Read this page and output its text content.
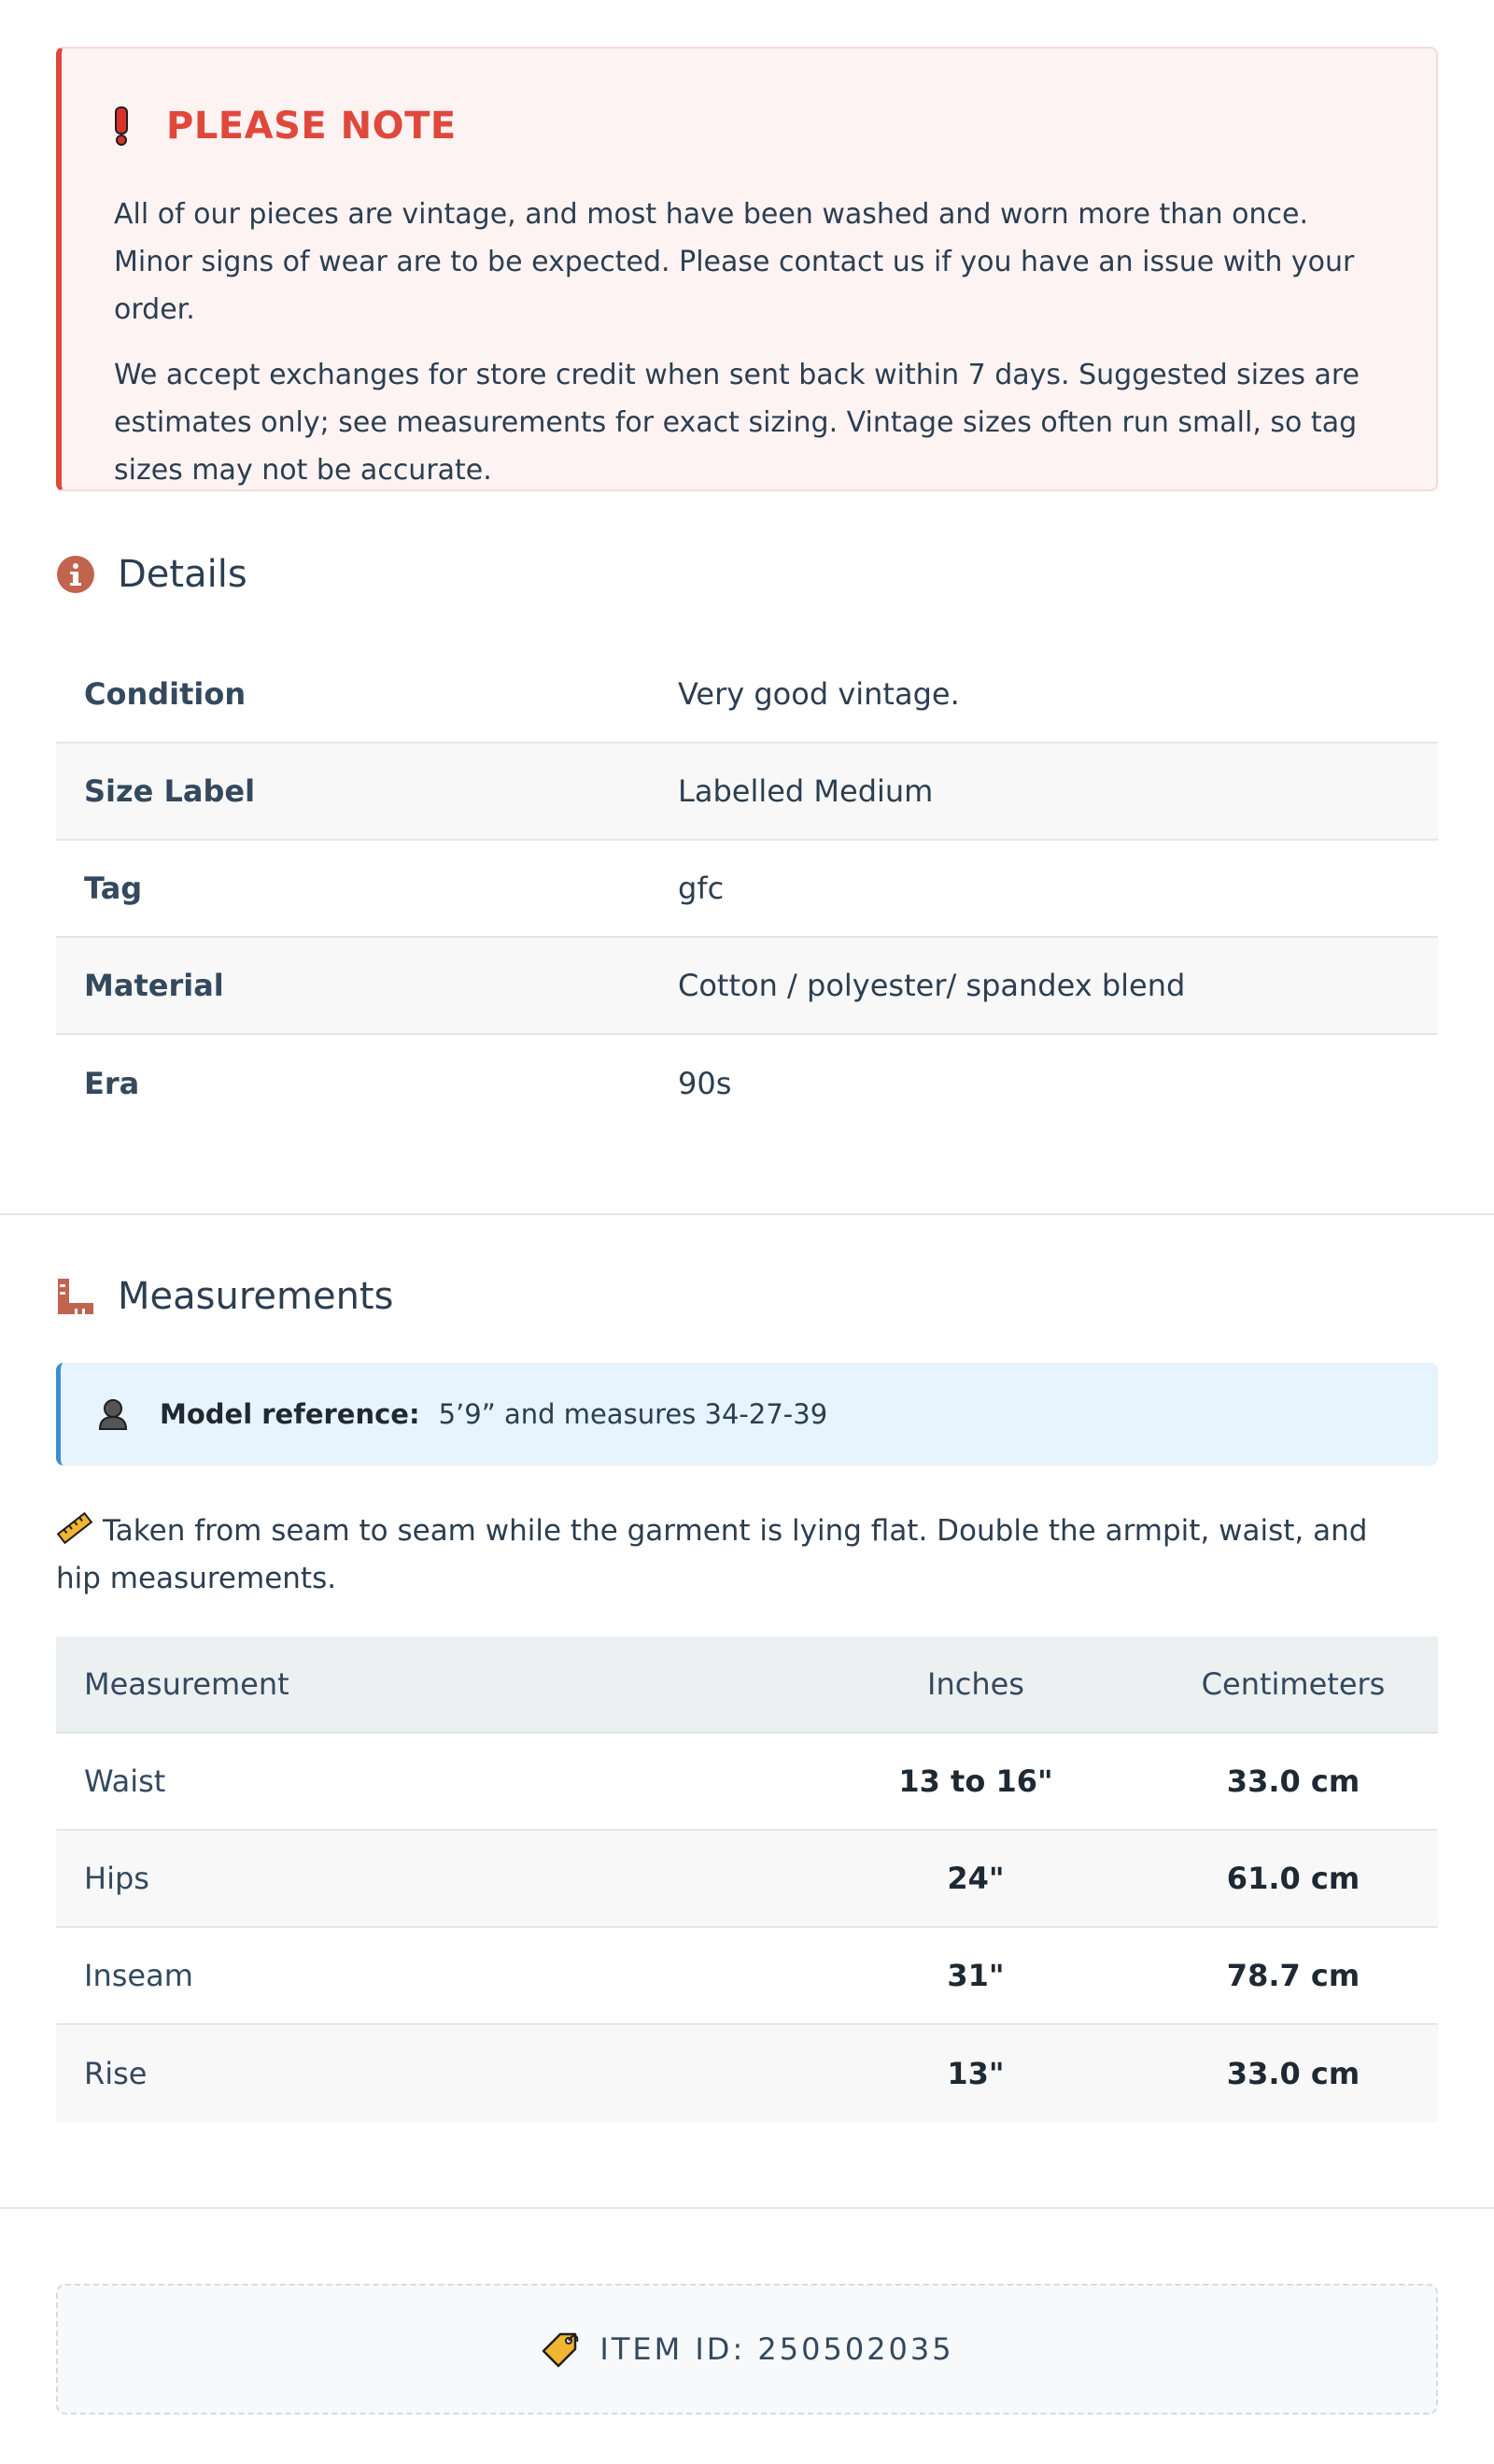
PLEASE NOTE

All of our pieces are vintage, and most have been washed and worn more than once. Minor signs of wear are to be expected. Please contact us if you have an issue with your order.

We accept exchanges for store credit when sent back within 7 days. Suggested sizes are estimates only; see measurements for exact sizing. Vintage sizes often run small, so tag sizes may not be accurate.

Details
Condition	Very good vintage.
Size Label	Labelled Medium
Tag	gfc
Material	Cotton / polyester/ spandex blend
Era	90s
Measurements
Model reference: 5’9” and measures 34-27-39
Taken from seam to seam while the garment is lying flat. Double the armpit, waist, and hip measurements.
Measurement	Inches	Centimeters
Waist	13 to 16"	33.0 cm
Hips	24"	61.0 cm
Inseam	31"	78.7 cm
Rise	13"	33.0 cm
ITEM ID: 250502035
